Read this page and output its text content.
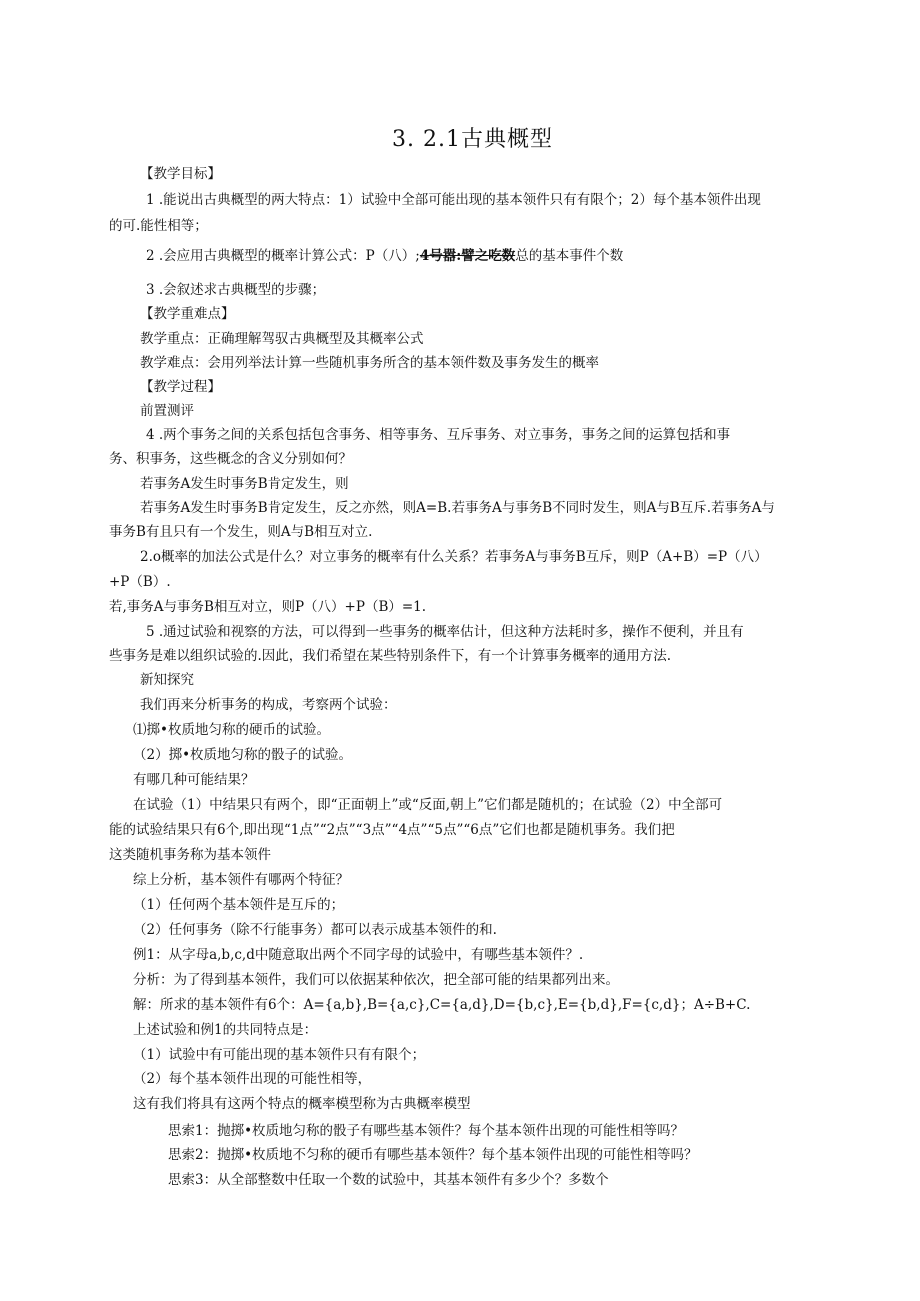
3. 2.1古典概型
【教学目标】
1 .能说出古典概型的两大特点：1）试验中全部可能出现的基本领件只有有限个；2）每个基本领件出现
的可.能性相等；
2 .会应用古典概型的概率计算公式：P（八）;4号嚣:譬之吃数总的基本事件个数
3 .会叙述求古典概型的步骤；
【教学重难点】
教学重点：正确理解驾驭古典概型及其概率公式
教学难点：会用列举法计算一些随机事务所含的基本领件数及事务发生的概率
【教学过程】
前置测评
4 .两个事务之间的关系包括包含事务、相等事务、互斥事务、对立事务，事务之间的运算包括和事
务、积事务，这些概念的含义分别如何？
若事务A发生时事务B肯定发生，则
若事务A发生时事务B肯定发生，反之亦然，则A=B.若事务A与事务B不同时发生，则A与B互斥.若事务A与
事务B有且只有一个发生，则A与B相互对立.
2.o概率的加法公式是什么？对立事务的概率有什么关系？若事务A与事务B互斥，则P（A+B）=P（八）
+P（B）.
若,事务A与事务B相互对立，则P（八）+P（B）=1.
5 .通过试验和视察的方法，可以得到一些事务的概率估计，但这种方法耗时多，操作不便利，并且有
些事务是难以组织试验的.因此，我们希望在某些特别条件下，有一个计算事务概率的通用方法.
新知探究
我们再来分析事务的构成，考察两个试验：
⑴掷•枚质地匀称的硬币的试验。
（2）掷•枚质地匀称的骰子的试验。
有哪几种可能结果？
在试验（1）中结果只有两个，即“正面朝上”或“反面,朝上”它们都是随机的；在试验（2）中全部可
能的试验结果只有6个,即出现“1点”“2点”“3点”“4点”“5点”“6点”它们也都是随机事务。我们把
这类随机事务称为基本领件
综上分析，基本领件有哪两个特征？
（1）任何两个基本领件是互斥的；
（2）任何事务（除不行能事务）都可以表示成基本领件的和.
例1：从字母a,b,c,d中随意取出两个不同字母的试验中，有哪些基本领件？.
分析：为了得到基本领件，我们可以依据某种依次，把全部可能的结果都列出来。
解：所求的基本领件有6个：A={a,b},B={a,c},C={a,d},D={b,c},E={b,d},F={c,d}；A÷B+C.
上述试验和例1的共同特点是：
（1）试验中有可能出现的基本领件只有有限个；
（2）每个基本领件出现的可能性相等，
这有我们将具有这两个特点的概率模型称为古典概率模型
思索1：抛掷•枚质地匀称的骰子有哪些基本领件？每个基本领件出现的可能性相等吗？
思索2：抛掷•枚质地不匀称的硬币有哪些基本领件？每个基本领件出现的可能性相等吗？
思索3：从全部整数中任取一个数的试验中，其基本领件有多少个？多数个
